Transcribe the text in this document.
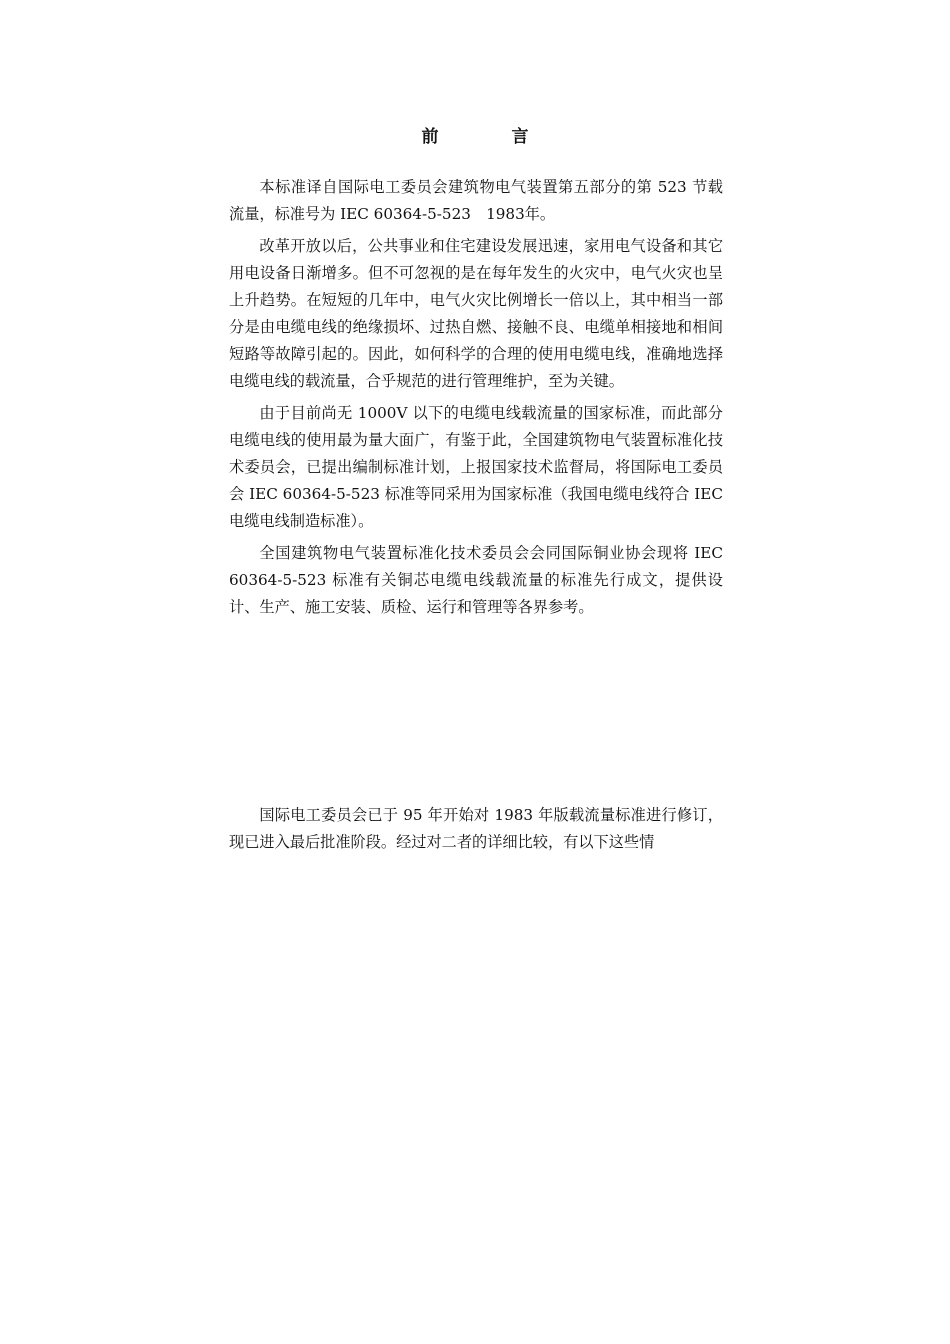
前　言

本标准译自国际电工委员会建筑物电气装置第五部分的第 523 节载流量，标准号为 IEC 60364-5-523　1983年。

改革开放以后，公共事业和住宅建设发展迅速，家用电气设备和其它用电设备日渐增多。但不可忽视的是在每年发生的火灾中，电气火灾也呈上升趋势。在短短的几年中，电气火灾比例增长一倍以上，其中相当一部分是由电缆电线的绝缘损坏、过热自燃、接触不良、电缆单相接地和相间短路等故障引起的。因此，如何科学的合理的使用电缆电线，准确地选择电缆电线的载流量，合乎规范的进行管理维护，至为关键。

由于目前尚无 1000V 以下的电缆电线载流量的国家标准，而此部分电缆电线的使用最为量大面广，有鉴于此，全国建筑物电气装置标准化技术委员会，已提出编制标准计划，上报国家技术监督局，将国际电工委员会 IEC 60364-5-523 标准等同采用为国家标准（我国电缆电线符合 IEC 电缆电线制造标准）。

全国建筑物电气装置标准化技术委员会会同国际铜业协会现将 IEC 60364-5-523 标准有关铜芯电缆电线载流量的标准先行成文，提供设计、生产、施工安装、质检、运行和管理等各界参考。

国际电工委员会已于 95 年开始对 1983 年版载流量标准进行修订，现已进入最后批准阶段。经过对二者的详细比较，有以下这些情
